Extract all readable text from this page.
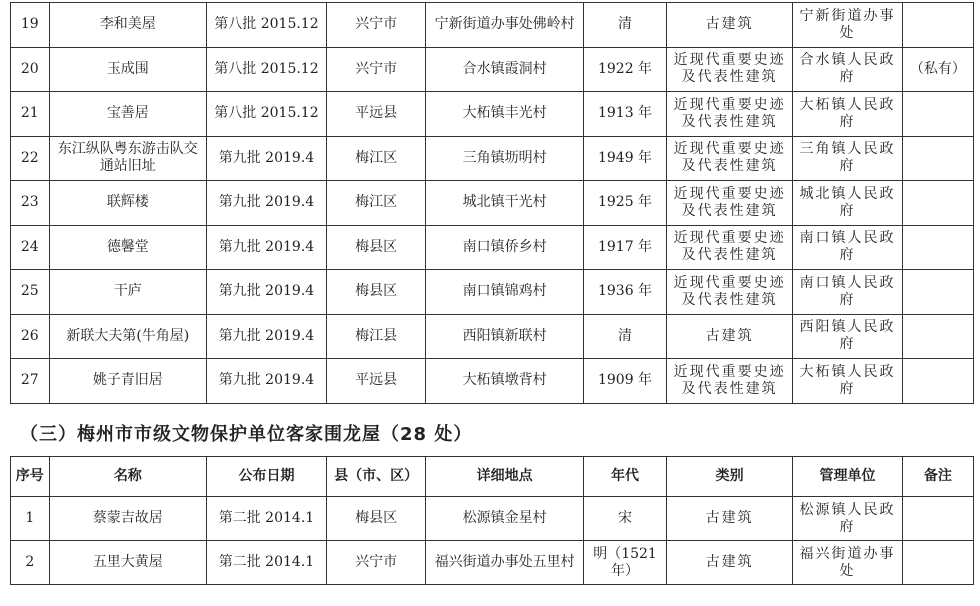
19	李和美屋	第八批 2015.12	兴宁市	宁新街道办事处佛岭村	清	古建筑	宁新街道办事处	
20	玉成围	第八批 2015.12	兴宁市	合水镇霞洞村	1922 年	近现代重要史迹及代表性建筑	合水镇人民政府	（私有）
21	宝善居	第八批 2015.12	平远县	大柘镇丰光村	1913 年	近现代重要史迹及代表性建筑	大柘镇人民政府	
22	东江纵队粤东游击队交通站旧址	第九批 2019.4	梅江区	三角镇坜明村	1949 年	近现代重要史迹及代表性建筑	三角镇人民政府	
23	联辉楼	第九批 2019.4	梅江区	城北镇干光村	1925 年	近现代重要史迹及代表性建筑	城北镇人民政府	
24	德馨堂	第九批 2019.4	梅县区	南口镇侨乡村	1917 年	近现代重要史迹及代表性建筑	南口镇人民政府	
25	干庐	第九批 2019.4	梅县区	南口镇锦鸡村	1936 年	近现代重要史迹及代表性建筑	南口镇人民政府	
26	新联大夫第(牛角屋)	第九批 2019.4	梅江县	西阳镇新联村	清	古建筑	西阳镇人民政府	
27	姚子青旧居	第九批 2019.4	平远县	大柘镇墩背村	1909 年	近现代重要史迹及代表性建筑	大柘镇人民政府	
（三）梅州市市级文物保护单位客家围龙屋（28 处）
序号	名称	公布日期	县（市、区）	详细地点	年代	类别	管理单位	备注
1	蔡蒙吉故居	第二批 2014.1	梅县区	松源镇金星村	宋	古建筑	松源镇人民政府	
2	五里大黄屋	第二批 2014.1	兴宁市	福兴街道办事处五里村	明（1521 年）	古建筑	福兴街道办事处	
